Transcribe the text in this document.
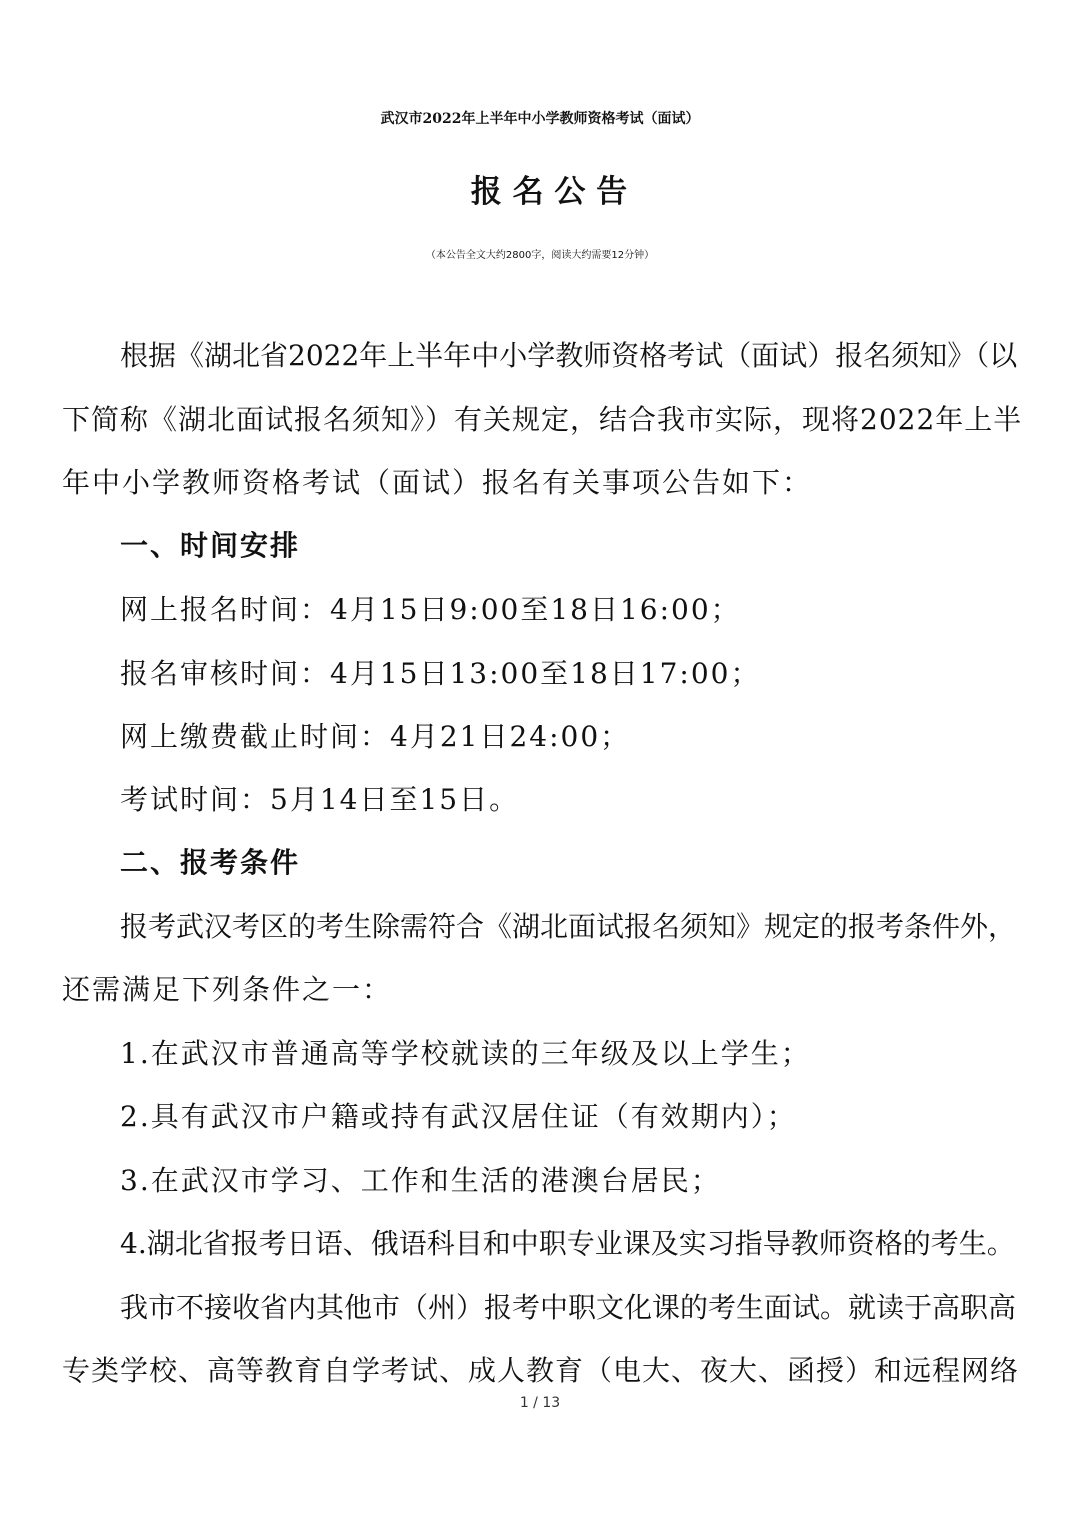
武汉市2022年上半年中小学教师资格考试（面试）
报 名 公 告
（本公告全文大约2800字，阅读大约需要12分钟）
根据《湖北省2022年上半年中小学教师资格考试（面试）报名须知》（以
下简称《湖北面试报名须知》）有关规定，结合我市实际，现将2022年上半
年中小学教师资格考试（面试）报名有关事项公告如下：
一、时间安排
网上报名时间：4月15日9:00至18日16:00；
报名审核时间：4月15日13:00至18日17:00；
网上缴费截止时间：4月21日24:00；
考试时间：5月14日至15日。
二、报考条件
报考武汉考区的考生除需符合《湖北面试报名须知》规定的报考条件外，
还需满足下列条件之一：
1.在武汉市普通高等学校就读的三年级及以上学生；
2.具有武汉市户籍或持有武汉居住证（有效期内）；
3.在武汉市学习、工作和生活的港澳台居民；
4.湖北省报考日语、俄语科目和中职专业课及实习指导教师资格的考生。
我市不接收省内其他市（州）报考中职文化课的考生面试。就读于高职高
专类学校、高等教育自学考试、成人教育（电大、夜大、函授）和远程网络
1 / 13
